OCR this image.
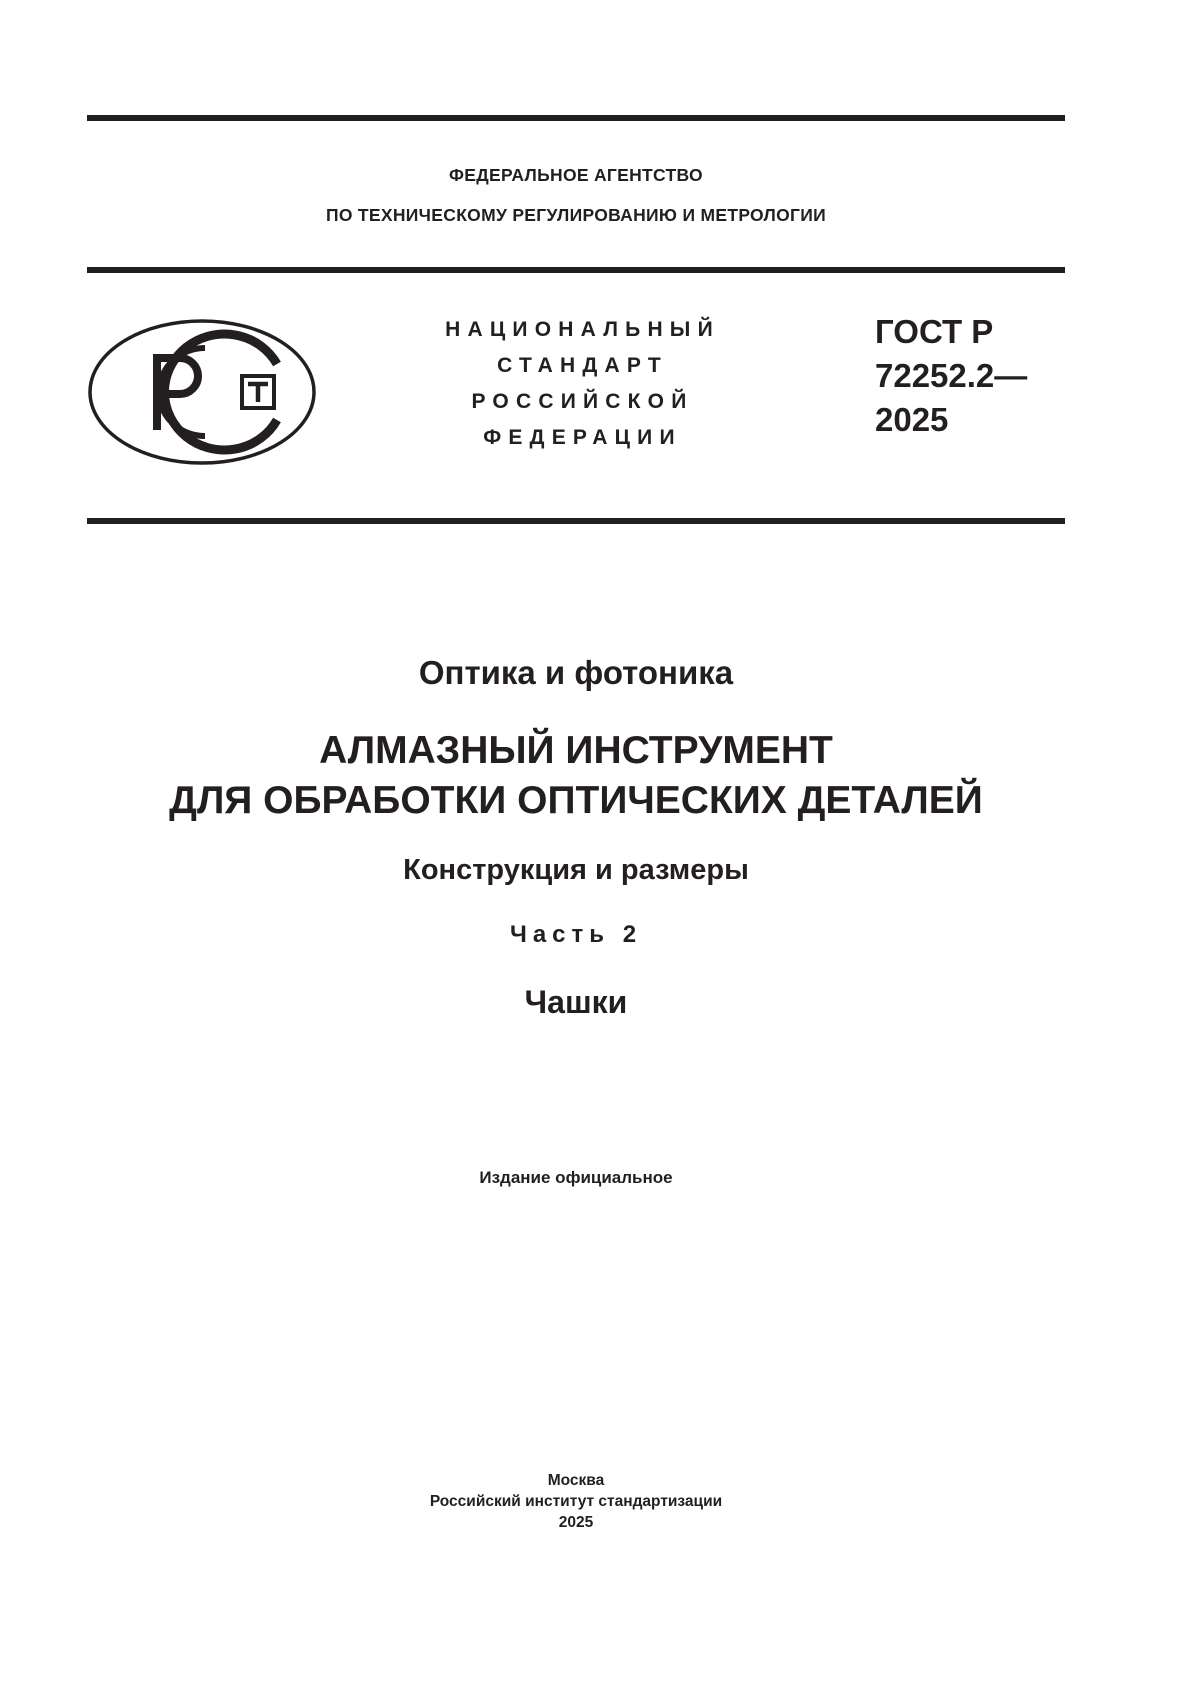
ФЕДЕРАЛЬНОЕ АГЕНТСТВО
ПО ТЕХНИЧЕСКОМУ РЕГУЛИРОВАНИЮ И МЕТРОЛОГИИ
НАЦИОНАЛЬНЫЙ
СТАНДАРТ
РОССИЙСКОЙ
ФЕДЕРАЦИИ
ГОСТ Р
72252.2—
2025
Оптика и фотоника
АЛМАЗНЫЙ ИНСТРУМЕНТ
ДЛЯ ОБРАБОТКИ ОПТИЧЕСКИХ ДЕТАЛЕЙ
Конструкция и размеры
Часть 2
Чашки
Издание официальное
Москва
Российский институт стандартизации
2025
